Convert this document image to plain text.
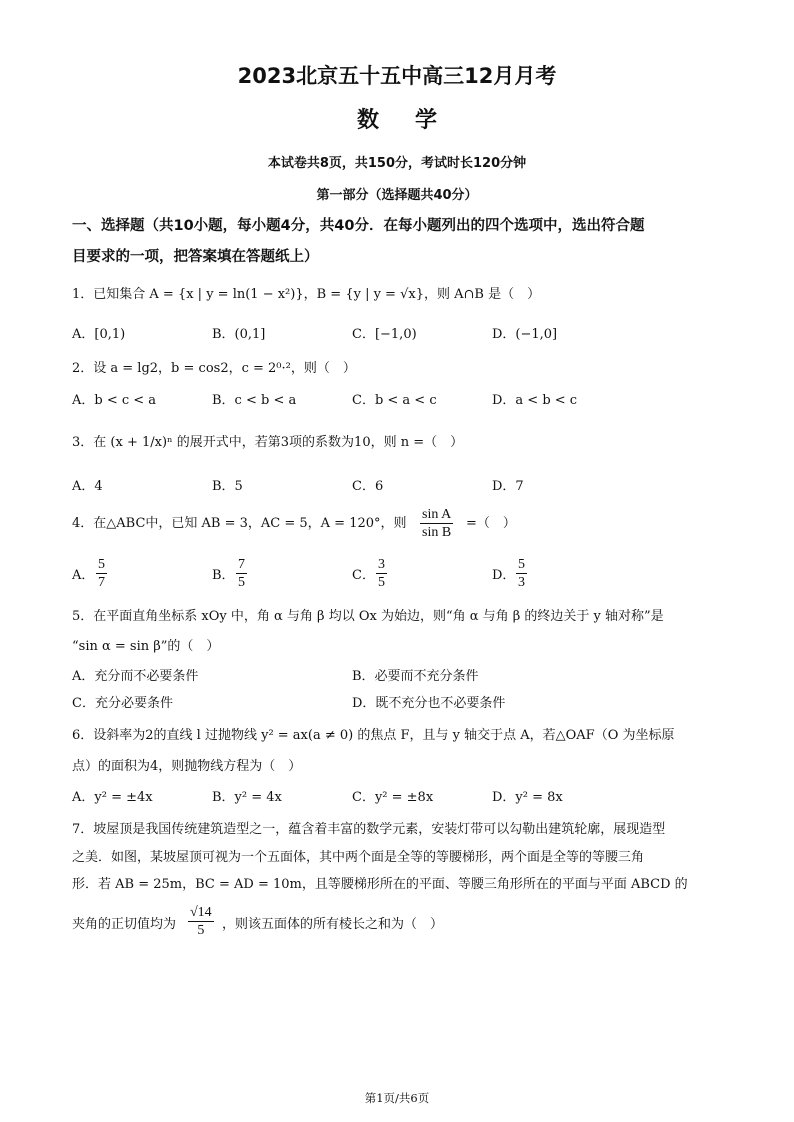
2023北京五十五中高三12月月考
数学
本试卷共8页，共150分，考试时长120分钟
第一部分（选择题共40分）
一、选择题（共10小题，每小题4分，共40分．在每小题列出的四个选项中，选出符合题
目要求的一项，把答案填在答题纸上）
1．已知集合 A = {x | y = ln(1 − x²)}，B = {y | y = √x}，则 A∩B 是（　）
A．[0,1)	B．(0,1]	C．[−1,0)	D．(−1,0]
2．设 a = lg2，b = cos2，c = 2⁰·²，则（　）
A．b < c < a	B．c < b < a	C．b < a < c	D．a < b < c
3．在 (x + 1/x)ⁿ 的展开式中，若第3项的系数为10，则 n =（　）
A．4	B．5	C．6	D．7
4．在△ABC中，已知 AB = 3，AC = 5，A = 120°，则 $\frac{\text{sin A}}{\text{sin B}}$ =（　）
A． $\frac{5}{7}$	B． $\frac{7}{5}$	C． $\frac{3}{5}$	D． $\frac{5}{3}$
5．在平面直角坐标系 xOy 中，角 α 与角 β 均以 Ox 为始边，则“角 α 与角 β 的终边关于 y 轴对称”是
“sin α = sin β”的（　）
A．充分而不必要条件	B．必要而不充分条件
C．充分必要条件	D．既不充分也不必要条件
6．设斜率为2的直线 l 过抛物线 y² = ax(a ≠ 0) 的焦点 F，且与 y 轴交于点 A，若△OAF（O 为坐标原
点）的面积为4，则抛物线方程为（　）
A．y² = ±4x	B．y² = 4x	C．y² = ±8x	D．y² = 8x
7．坡屋顶是我国传统建筑造型之一，蕴含着丰富的数学元素，安装灯带可以勾勒出建筑轮廓，展现造型
之美．如图，某坡屋顶可视为一个五面体，其中两个面是全等的等腰梯形，两个面是全等的等腰三角
形．若 AB = 25m，BC = AD = 10m，且等腰梯形所在的平面、等腰三角形所在的平面与平面 ABCD 的
夹角的正切值均为 $\frac{√14}{5}$ ，则该五面体的所有棱长之和为（　）
第1页/共6页
